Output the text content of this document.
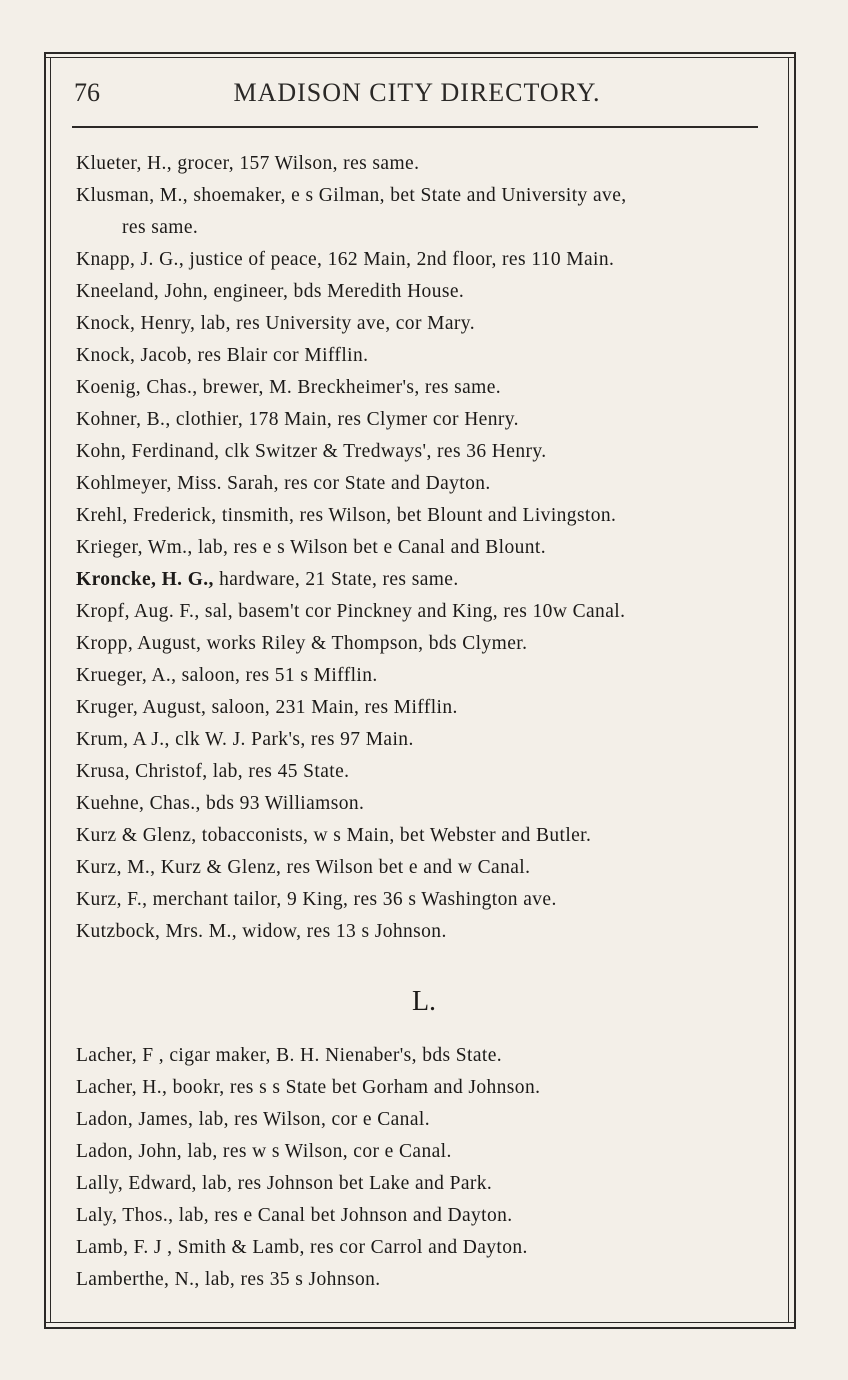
76	MADISON CITY DIRECTORY.
Klueter, H., grocer, 157 Wilson, res same.
Klusman, M., shoemaker, e s Gilman, bet State and University ave,
res same.
Knapp, J. G., justice of peace, 162 Main, 2nd floor, res 110 Main.
Kneeland, John, engineer, bds Meredith House.
Knock, Henry, lab, res University ave, cor Mary.
Knock, Jacob, res Blair cor Mifflin.
Koenig, Chas., brewer, M. Breckheimer's, res same.
Kohner, B., clothier, 178 Main, res Clymer cor Henry.
Kohn, Ferdinand, clk Switzer & Tredways', res 36 Henry.
Kohlmeyer, Miss. Sarah, res cor State and Dayton.
Krehl, Frederick, tinsmith, res Wilson, bet Blount and Livingston.
Krieger, Wm., lab, res e s Wilson bet e Canal and Blount.
Kroncke, H. G., hardware, 21 State, res same.
Kropf, Aug. F., sal, basem't cor Pinckney and King, res 10w Canal.
Kropp, August, works Riley & Thompson, bds Clymer.
Krueger, A., saloon, res 51 s Mifflin.
Kruger, August, saloon, 231 Main, res Mifflin.
Krum, A J., clk W. J. Park's, res 97 Main.
Krusa, Christof, lab, res 45 State.
Kuehne, Chas., bds 93 Williamson.
Kurz & Glenz, tobacconists, w s Main, bet Webster and Butler.
Kurz, M., Kurz & Glenz, res Wilson bet e and w Canal.
Kurz, F., merchant tailor, 9 King, res 36 s Washington ave.
Kutzbock, Mrs. M., widow, res 13 s Johnson.
L.
Lacher, F , cigar maker, B. H. Nienaber's, bds State.
Lacher, H., bookr, res s s State bet Gorham and Johnson.
Ladon, James, lab, res Wilson, cor e Canal.
Ladon, John, lab, res w s Wilson, cor e Canal.
Lally, Edward, lab, res Johnson bet Lake and Park.
Laly, Thos., lab, res e Canal bet Johnson and Dayton.
Lamb, F. J , Smith & Lamb, res cor Carrol and Dayton.
Lamberthe, N., lab, res 35 s Johnson.
